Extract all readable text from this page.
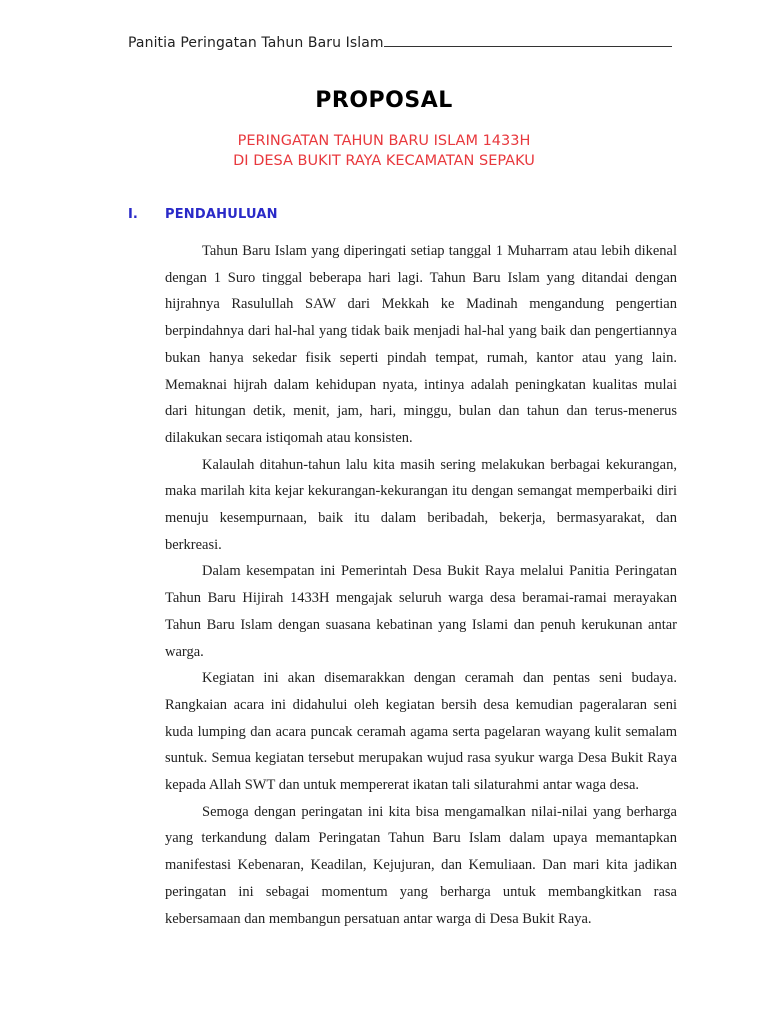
Panitia Peringatan Tahun Baru Islam
PROPOSAL
PERINGATAN TAHUN BARU ISLAM 1433H
DI DESA BUKIT RAYA KECAMATAN SEPAKU
I. PENDAHULUAN

Tahun Baru Islam yang diperingati setiap tanggal 1 Muharram atau lebih dikenal dengan 1 Suro tinggal beberapa hari lagi. Tahun Baru Islam yang ditandai dengan hijrahnya Rasulullah SAW dari Mekkah ke Madinah mengandung pengertian berpindahnya dari hal-hal yang tidak baik menjadi hal-hal yang baik dan pengertiannya bukan hanya sekedar fisik seperti pindah tempat, rumah, kantor atau yang lain. Memaknai hijrah dalam kehidupan nyata, intinya adalah peningkatan kualitas mulai dari hitungan detik, menit, jam, hari, minggu, bulan dan tahun dan terus-menerus dilakukan secara istiqomah atau konsisten.

Kalaulah ditahun-tahun lalu kita masih sering melakukan berbagai kekurangan, maka marilah kita kejar kekurangan-kekurangan itu dengan semangat memperbaiki diri menuju kesempurnaan, baik itu dalam beribadah, bekerja, bermasyarakat, dan berkreasi.

Dalam kesempatan ini Pemerintah Desa Bukit Raya melalui Panitia Peringatan Tahun Baru Hijirah 1433H mengajak seluruh warga desa beramai-ramai merayakan Tahun Baru Islam dengan suasana kebatinan yang Islami dan penuh kerukunan antar warga.

Kegiatan ini akan disemarakkan dengan ceramah dan pentas seni budaya. Rangkaian acara ini didahului oleh kegiatan bersih desa kemudian pageralaran seni kuda lumping dan acara puncak ceramah agama serta pagelaran wayang kulit semalam suntuk. Semua kegiatan tersebut merupakan wujud rasa syukur warga Desa Bukit Raya kepada Allah SWT dan untuk mempererat ikatan tali silaturahmi antar waga desa.

Semoga dengan peringatan ini kita bisa mengamalkan nilai-nilai yang berharga yang terkandung dalam Peringatan Tahun Baru Islam dalam upaya memantapkan manifestasi Kebenaran, Keadilan, Kejujuran, dan Kemuliaan. Dan mari kita jadikan peringatan ini sebagai momentum yang berharga untuk membangkitkan rasa kebersamaan dan membangun persatuan antar warga di Desa Bukit Raya.
